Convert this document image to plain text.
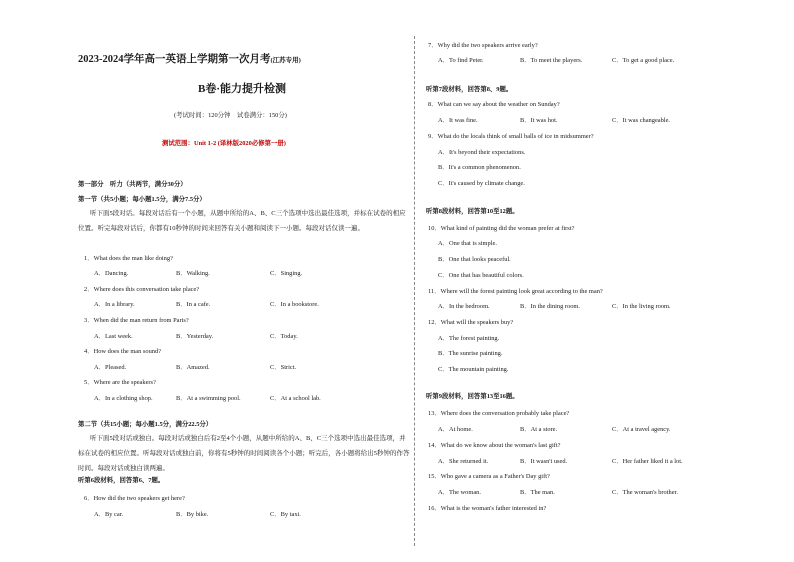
2023-2024学年高一英语上学期第一次月考(江苏专用)
B卷·能力提升检测
(考试时间：120分钟　试卷满分：150分)
测试范围：Unit 1-2 (译林版2020必修第一册)
第一部分　听力（共两节，满分30分）
第一节（共5小题；每小题1.5分，满分7.5分）
听下面5段对话。每段对话后有一个小题，从题中所给的A、B、C三个选项中选出最佳选项，并标在试卷的相应位置。听完每段对话后，你都有10秒钟的时间来回答有关小题和阅读下一小题。每段对话仅读一遍。
1．What does the man like doing?
A．Dancing.	B．Walking.	C．Singing.
2．Where does this conversation take place?
A．In a library.	B．In a cafe.	C．In a bookstore.
3．When did the man return from Paris?
A．Last week.	B．Yesterday.	C．Today.
4．How does the man sound?
A．Pleased.	B．Amazed.	C．Strict.
5．Where are the speakers?
A．In a clothing shop.	B．At a swimming pool.	C．At a school lab.
第二节（共15小题；每小题1.5分，满分22.5分）
听下面5段对话或独白。每段对话或独白后有2至4个小题，从题中所给的A、B、C三个选项中选出最佳选项，并标在试卷的相应位置。听每段对话或独白前，你将有5秒钟的时间阅读各个小题；听完后，各小题将给出5秒钟的作答时间。每段对话或独白读两遍。
听第6段材料，回答第6、7题。
6．How did the two speakers get here?
A．By car.	B．By bike.	C．By taxi.
7．Why did the two speakers arrive early?
A．To find Peter.	B．To meet the players.	C．To get a good place.
听第7段材料，回答第8、9题。
8．What can we say about the weather on Sunday?
A．It was fine.	B．It was hot.	C．It was changeable.
9．What do the locals think of small balls of ice in midsummer?
A．It's beyond their expectations.
B．It's a common phenomenon.
C．It's caused by climate change.
听第8段材料，回答第10至12题。
10．What kind of painting did the woman prefer at first?
A．One that is simple.
B．One that looks peaceful.
C．One that has beautiful colors.
11．Where will the forest painting look great according to the man?
A．In the bedroom.	B．In the dining room.	C．In the living room.
12．What will the speakers buy?
A．The forest painting.
B．The sunrise painting.
C．The mountain painting.
听第9段材料，回答第13至16题。
13．Where does the conversation probably take place?
A．At home.	B．At a store.	C．At a travel agency.
14．What do we know about the woman's last gift?
A．She returned it.	B．It wasn't used.	C．Her father liked it a lot.
15．Who gave a camera as a Father's Day gift?
A．The woman.	B．The man.	C．The woman's brother.
16．What is the woman's father interested in?
